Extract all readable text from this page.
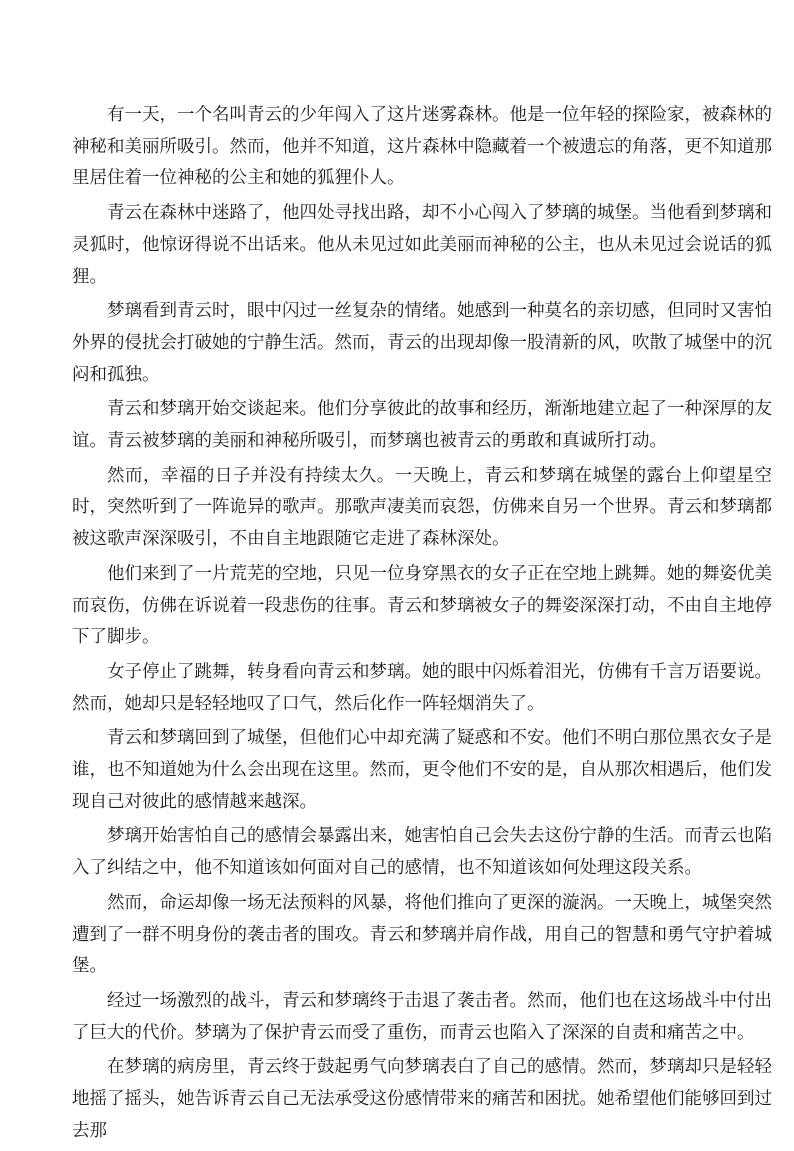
有一天，一个名叫青云的少年闯入了这片迷雾森林。他是一位年轻的探险家，被森林的神秘和美丽所吸引。然而，他并不知道，这片森林中隐藏着一个被遗忘的角落，更不知道那里居住着一位神秘的公主和她的狐狸仆人。

青云在森林中迷路了，他四处寻找出路，却不小心闯入了梦璃的城堡。当他看到梦璃和灵狐时，他惊讶得说不出话来。他从未见过如此美丽而神秘的公主，也从未见过会说话的狐狸。

梦璃看到青云时，眼中闪过一丝复杂的情绪。她感到一种莫名的亲切感，但同时又害怕外界的侵扰会打破她的宁静生活。然而，青云的出现却像一股清新的风，吹散了城堡中的沉闷和孤独。

青云和梦璃开始交谈起来。他们分享彼此的故事和经历，渐渐地建立起了一种深厚的友谊。青云被梦璃的美丽和神秘所吸引，而梦璃也被青云的勇敢和真诚所打动。

然而，幸福的日子并没有持续太久。一天晚上，青云和梦璃在城堡的露台上仰望星空时，突然听到了一阵诡异的歌声。那歌声凄美而哀怨，仿佛来自另一个世界。青云和梦璃都被这歌声深深吸引，不由自主地跟随它走进了森林深处。

他们来到了一片荒芜的空地，只见一位身穿黑衣的女子正在空地上跳舞。她的舞姿优美而哀伤，仿佛在诉说着一段悲伤的往事。青云和梦璃被女子的舞姿深深打动，不由自主地停下了脚步。

女子停止了跳舞，转身看向青云和梦璃。她的眼中闪烁着泪光，仿佛有千言万语要说。然而，她却只是轻轻地叹了口气，然后化作一阵轻烟消失了。

青云和梦璃回到了城堡，但他们心中却充满了疑惑和不安。他们不明白那位黑衣女子是谁，也不知道她为什么会出现在这里。然而，更令他们不安的是，自从那次相遇后，他们发现自己对彼此的感情越来越深。

梦璃开始害怕自己的感情会暴露出来，她害怕自己会失去这份宁静的生活。而青云也陷入了纠结之中，他不知道该如何面对自己的感情，也不知道该如何处理这段关系。

然而，命运却像一场无法预料的风暴，将他们推向了更深的漩涡。一天晚上，城堡突然遭到了一群不明身份的袭击者的围攻。青云和梦璃并肩作战，用自己的智慧和勇气守护着城堡。

经过一场激烈的战斗，青云和梦璃终于击退了袭击者。然而，他们也在这场战斗中付出了巨大的代价。梦璃为了保护青云而受了重伤，而青云也陷入了深深的自责和痛苦之中。

在梦璃的病房里，青云终于鼓起勇气向梦璃表白了自己的感情。然而，梦璃却只是轻轻地摇了摇头，她告诉青云自己无法承受这份感情带来的痛苦和困扰。她希望他们能够回到过去那
